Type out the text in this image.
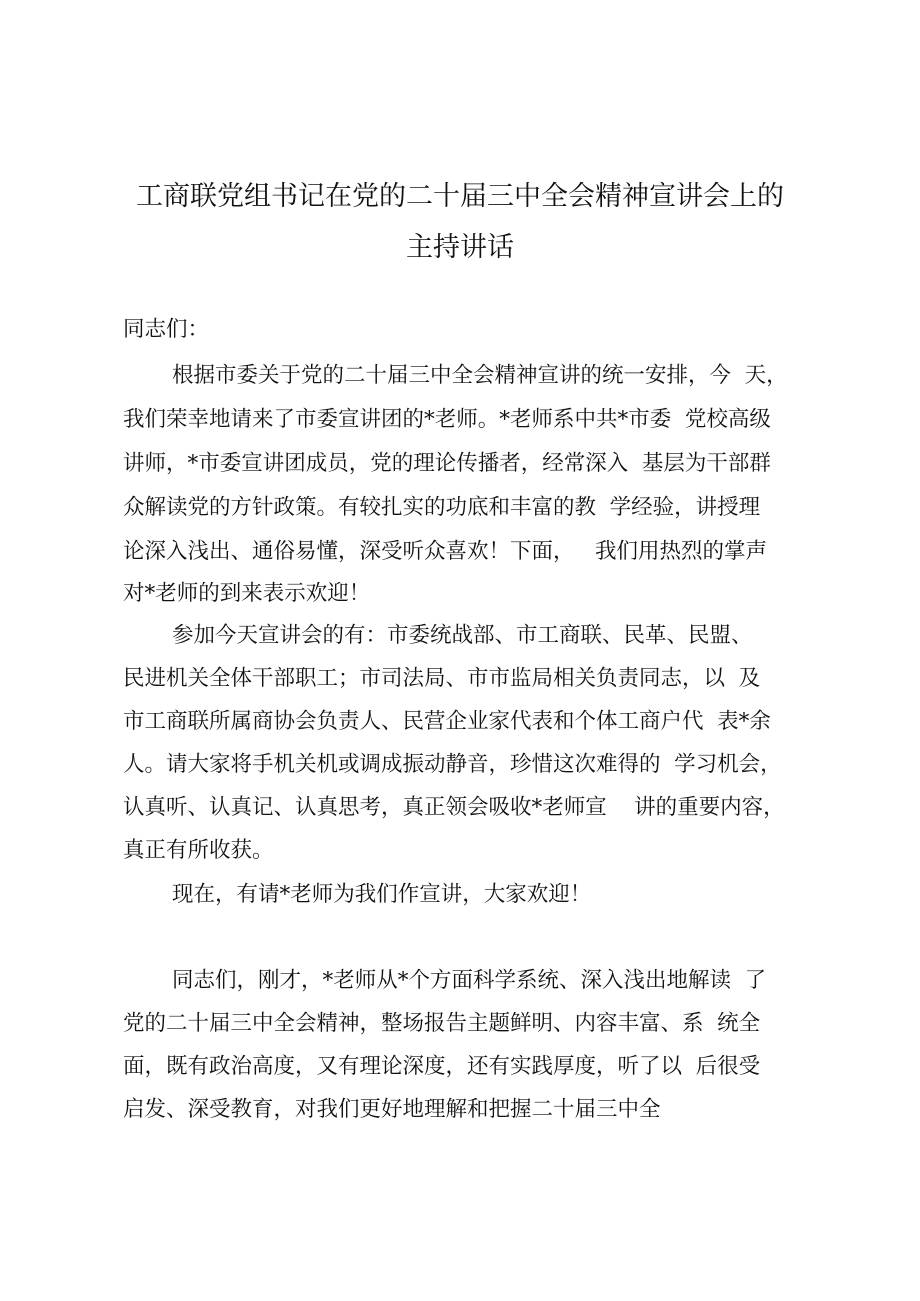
工商联党组书记在党的二十届三中全会精神宣讲会上的
主持讲话
同志们：
根据市委关于党的二十届三中全会精神宣讲的统一安排，今  天，
我们荣幸地请来了市委宣讲团的*老师。*老师系中共*市委  党校高级
讲师，*市委宣讲团成员，党的理论传播者，经常深入  基层为干部群
众解读党的方针政策。有较扎实的功底和丰富的教  学经验，讲授理
论深入浅出、通俗易懂，深受听众喜欢！下面，   我们用热烈的掌声
对*老师的到来表示欢迎！
参加今天宣讲会的有：市委统战部、市工商联、民革、民盟、
民进机关全体干部职工；市司法局、市市监局相关负责同志，以  及
市工商联所属商协会负责人、民营企业家代表和个体工商户代  表*余
人。请大家将手机关机或调成振动静音，珍惜这次难得的  学习机会，
认真听、认真记、认真思考，真正领会吸收*老师宣    讲的重要内容，
真正有所收获。
现在，有请*老师为我们作宣讲，大家欢迎！
同志们，刚才，*老师从*个方面科学系统、深入浅出地解读  了
党的二十届三中全会精神，整场报告主题鲜明、内容丰富、系  统全
面，既有政治高度，又有理论深度，还有实践厚度，听了以  后很受
启发、深受教育，对我们更好地理解和把握二十届三中全
